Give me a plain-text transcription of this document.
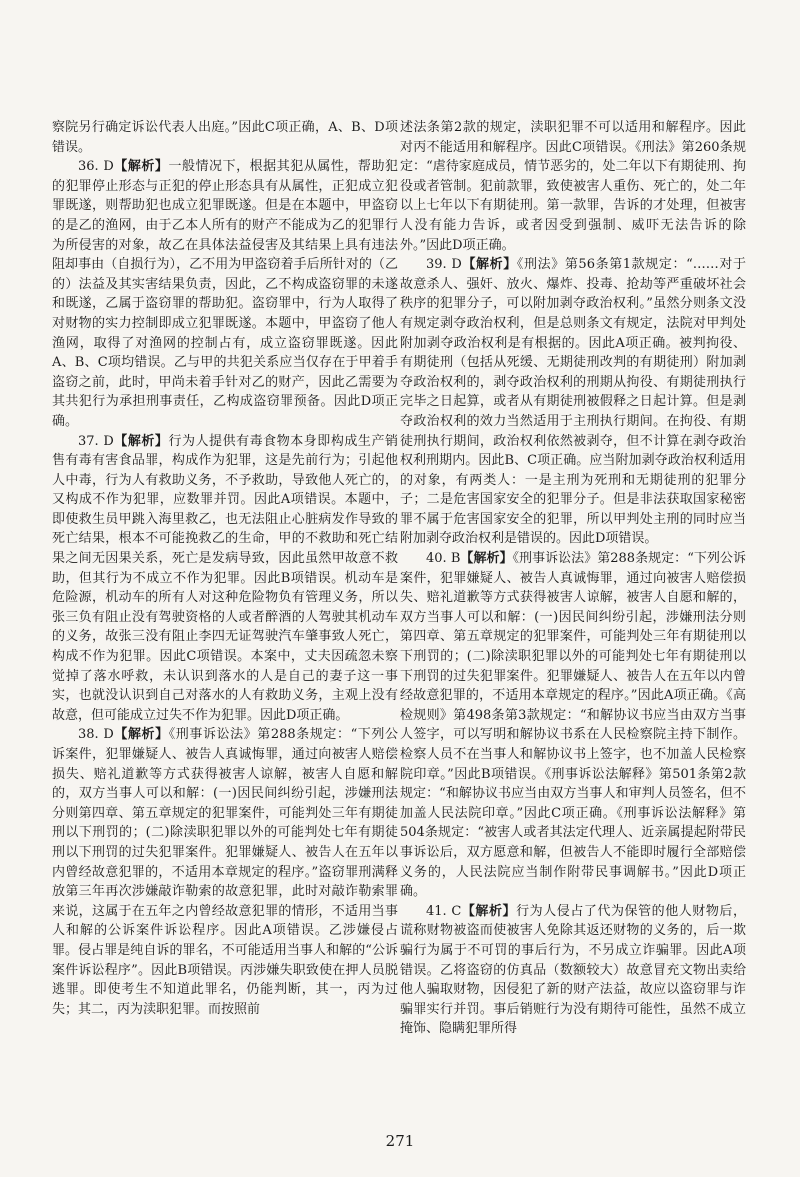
察院另行确定诉讼代表人出庭。”因此C项正确，A、B、D项错误。

36. D【解析】一般情况下，根据其犯从属性，帮助犯的犯罪停止形态与正犯的停止形态具有从属性，正犯成立犯罪既遂，则帮助犯也成立犯罪既遂。但是在本题中，甲盗窃的是乙的渔网，由于乙本人所有的财产不能成为乙的犯罪行为所侵害的对象，故乙在具体法益侵害及其结果上具有违法阻却事由（自损行为），乙不用为甲盗窃着手后所针对的（乙的）法益及其实害结果负责，因此，乙不构成盗窃罪的未遂和既遂，乙属于盗窃罪的帮助犯。盗窃罪中，行为人取得了对财物的实力控制即成立犯罪既遂。本题中，甲盗窃了他人渔网，取得了对渔网的控制占有，成立盗窃罪既遂。因此A、B、C项均错误。乙与甲的共犯关系应当仅存在于甲着手盗窃之前，此时，甲尚未着手针对乙的财产，因此乙需要为其共犯行为承担刑事责任，乙构成盗窃罪预备。因此D项正确。

37. D【解析】行为人提供有毒食物本身即构成生产销售有毒有害食品罪，构成作为犯罪，这是先前行为；引起他人中毒，行为人有救助义务，不予救助，导致他人死亡的，又构成不作为犯罪，应数罪并罚。因此A项错误。本题中，即使救生员甲跳入海里救乙，也无法阻止心脏病发作导致的死亡结果，根本不可能挽救乙的生命，甲的不救助和死亡结果之间无因果关系，死亡是发病导致，因此虽然甲故意不救助，但其行为不成立不作为犯罪。因此B项错误。机动车是危险源，机动车的所有人对这种危险物负有管理义务，所以张三负有阻止没有驾驶资格的人或者醉酒的人驾驶其机动车的义务，故张三没有阻止李四无证驾驶汽车肇事致人死亡，构成不作为犯罪。因此C项错误。本案中，丈夫因疏忽未察觉掉了落水呼救，未认识到落水的人是自己的妻子这一事实，也就没认识到自己对落水的人有救助义务，主观上没有故意，但可能成立过失不作为犯罪。因此D项正确。

38. D【解析】《刑事诉讼法》第288条规定：“下列公诉案件，犯罪嫌疑人、被告人真诚悔罪，通过向被害人赔偿损失、赔礼道歉等方式获得被害人谅解，被害人自愿和解的，双方当事人可以和解：(一)因民间纠纷引起，涉嫌刑法分则第四章、第五章规定的犯罪案件，可能判处三年有期徒刑以下刑罚的；(二)除渎职犯罪以外的可能判处七年有期徒刑以下刑罚的过失犯罪案件。犯罪嫌疑人、被告人在五年以内曾经故意犯罪的，不适用本章规定的程序。”盗窃罪刑满释放第三年再次涉嫌敲诈勒索的故意犯罪，此时对敲诈勒索罪来说，这属于在五年之内曾经故意犯罪的情形，不适用当事人和解的公诉案件诉讼程序。因此A项错误。乙涉嫌侵占罪。侵占罪是纯自诉的罪名，不可能适用当事人和解的“公诉案件诉讼程序”。因此B项错误。丙涉嫌失职致使在押人员脱逃罪。即使考生不知道此罪名，仍能判断，其一，丙为过失；其二，丙为渎职犯罪。而按照前

述法条第2款的规定，渎职犯罪不可以适用和解程序。因此对丙不能适用和解程序。因此C项错误。《刑法》第260条规定：“虐待家庭成员，情节恶劣的，处二年以下有期徒刑、拘役或者管制。犯前款罪，致使被害人重伤、死亡的，处二年以上七年以下有期徒刑。第一款罪，告诉的才处理，但被害人没有能力告诉，或者因受到强制、威吓无法告诉的除外。”因此D项正确。

39. D【解析】《刑法》第56条第1款规定：“……对于故意杀人、强奸、放火、爆炸、投毒、抢劫等严重破坏社会秩序的犯罪分子，可以附加剥夺政治权利。”虽然分则条文没有规定剥夺政治权利，但是总则条文有规定，法院对甲判处附加剥夺政治权利是有根据的。因此A项正确。被判拘役、有期徒刑（包括从死缓、无期徒刑改判的有期徒刑）附加剥夺政治权利的，剥夺政治权利的刑期从拘役、有期徒刑执行完毕之日起算，或者从有期徒刑被假释之日起计算。但是剥夺政治权利的效力当然适用于主刑执行期间。在拘役、有期徒刑执行期间，政治权利依然被剥夺，但不计算在剥夺政治权利刑期内。因此B、C项正确。应当附加剥夺政治权利适用的对象，有两类人：一是主刑为死刑和无期徒刑的犯罪分子；二是危害国家安全的犯罪分子。但是非法获取国家秘密罪不属于危害国家安全的犯罪，所以甲判处主刑的同时应当附加剥夺政治权利是错误的。因此D项错误。

40. B【解析】《刑事诉讼法》第288条规定：“下列公诉案件，犯罪嫌疑人、被告人真诚悔罪，通过向被害人赔偿损失、赔礼道歉等方式获得被害人谅解，被害人自愿和解的，双方当事人可以和解：(一)因民间纠纷引起，涉嫌刑法分则第四章、第五章规定的犯罪案件，可能判处三年有期徒刑以下刑罚的；(二)除渎职犯罪以外的可能判处七年有期徒刑以下刑罚的过失犯罪案件。犯罪嫌疑人、被告人在五年以内曾经故意犯罪的，不适用本章规定的程序。”因此A项正确。《高检规则》第498条第3款规定：“和解协议书应当由双方当事人签字，可以写明和解协议书系在人民检察院主持下制作。检察人员不在当事人和解协议书上签字，也不加盖人民检察院印章。”因此B项错误。《刑事诉讼法解释》第501条第2款规定：“和解协议书应当由双方当事人和审判人员签名，但不加盖人民法院印章。”因此C项正确。《刑事诉讼法解释》第504条规定：“被害人或者其法定代理人、近亲属提起附带民事诉讼后，双方愿意和解，但被告人不能即时履行全部赔偿义务的，人民法院应当制作附带民事调解书。”因此D项正确。

41. C【解析】行为人侵占了代为保管的他人财物后，谎称财物被盗而使被害人免除其返还财物的义务的，后一欺骗行为属于不可罚的事后行为，不另成立诈骗罪。因此A项错误。乙将盗窃的仿真品（数额较大）故意冒充文物出卖给他人骗取财物，因侵犯了新的财产法益，故应以盗窃罪与诈骗罪实行并罚。事后销赃行为没有期待可能性，虽然不成立掩饰、隐瞒犯罪所得

271
